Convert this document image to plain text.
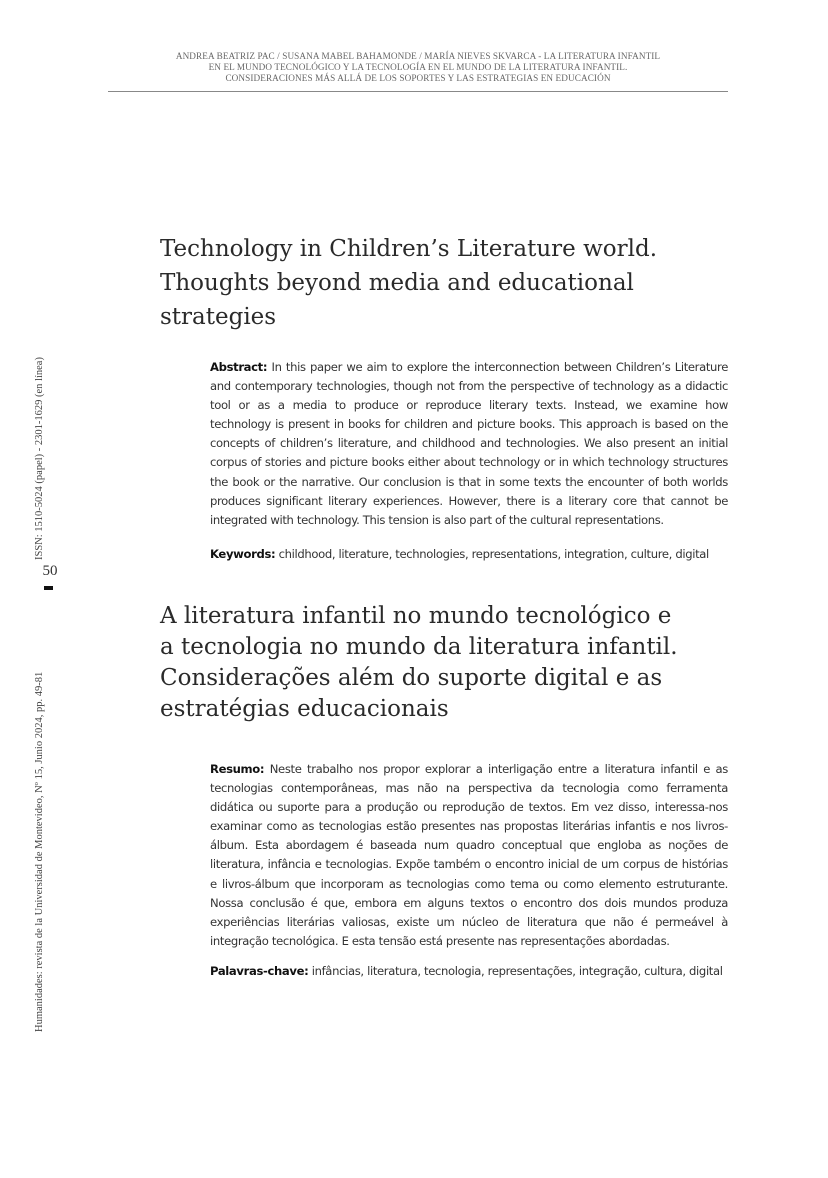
ANDREA BEATRIZ PAC / SUSANA MABEL BAHAMONDE / MARÍA NIEVES SKVARCA - LA LITERATURA INFANTIL
EN EL MUNDO TECNOLÓGICO Y LA TECNOLOGÍA EN EL MUNDO DE LA LITERATURA INFANTIL.
CONSIDERACIONES MÁS ALLÁ DE LOS SOPORTES Y LAS ESTRATEGIAS EN EDUCACIÓN
ISSN: 1510-5024 (papel) - 2301-1629 (en línea)
50
Humanidades: revista de la Universidad de Montevideo, Nº 15, Junio 2024, pp. 49-81
Technology in Children’s Literature world.
Thoughts beyond media and educational
strategies
Abstract: In this paper we aim to explore the interconnection between Children’s Literature and contemporary technologies, though not from the perspective of technology as a didactic tool or as a media to produce or reproduce literary texts. Instead, we examine how technology is present in books for children and picture books. This approach is based on the concepts of children’s literature, and childhood and technologies. We also present an initial corpus of stories and picture books either about technology or in which technology structures the book or the narrative. Our conclusion is that in some texts the encounter of both worlds produces significant literary experiences. However, there is a literary core that cannot be integrated with technology. This tension is also part of the cultural representations.
Keywords: childhood, literature, technologies, representations, integration, culture, digital
A literatura infantil no mundo tecnológico e
a tecnologia no mundo da literatura infantil.
Considerações além do suporte digital e as
estratégias educacionais
Resumo: Neste trabalho nos propor explorar a interligação entre a literatura infantil e as tecnologias contemporâneas, mas não na perspectiva da tecnologia como ferramenta didática ou suporte para a produção ou reprodução de textos. Em vez disso, interessa-nos examinar como as tecnologias estão presentes nas propostas literárias infantis e nos livros-álbum. Esta abordagem é baseada num quadro conceptual que engloba as noções de literatura, infância e tecnologias. Expõe também o encontro inicial de um corpus de histórias e livros-álbum que incorporam as tecnologias como tema ou como elemento estruturante. Nossa conclusão é que, embora em alguns textos o encontro dos dois mundos produza experiências literárias valiosas, existe um núcleo de literatura que não é permeável à integração tecnológica. E esta tensão está presente nas representações abordadas.
Palavras-chave: infâncias, literatura, tecnologia, representações, integração, cultura, digital
